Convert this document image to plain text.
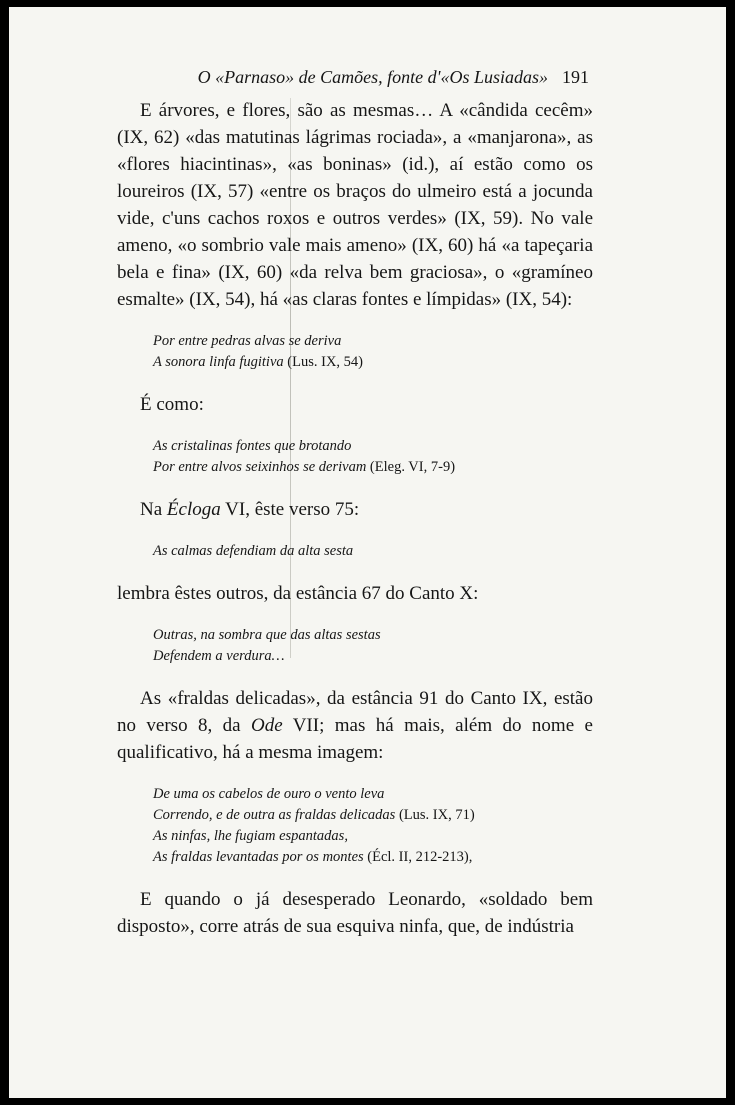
O «Parnaso» de Camões, fonte d'«Os Lusiadas» 191

E árvores, e flores, são as mesmas… A «cândida cecêm» (IX, 62) «das matutinas lágrimas rociada», a «manjarona», as «flores hiacintinas», «as boninas» (id.), aí estão como os loureiros (IX, 57) «entre os braços do ulmeiro está a jocunda vide, c'uns cachos roxos e outros verdes» (IX, 59). No vale ameno, «o sombrio vale mais ameno» (IX, 60) há «a tapeçaria bela e fina» (IX, 60) «da relva bem graciosa», o «gramíneo esmalte» (IX, 54), há «as claras fontes e límpidas» (IX, 54):

Por entre pedras alvas se deriva
A sonora linfa fugitiva (Lus. IX, 54)

É como:

As cristalinas fontes que brotando
Por entre alvos seixinhos se derivam (Eleg. VI, 7-9)

Na Écloga VI, êste verso 75:

As calmas defendiam da alta sesta

lembra êstes outros, da estância 67 do Canto X:

Outras, na sombra que das altas sestas
Defendem a verdura…

As «fraldas delicadas», da estância 91 do Canto IX, estão no verso 8, da Ode VII; mas há mais, além do nome e qualificativo, há a mesma imagem:

De uma os cabelos de ouro o vento leva
Correndo, e de outra as fraldas delicadas (Lus. IX, 71)
As ninfas, lhe fugiam espantadas,
As fraldas levantadas por os montes (Écl. II, 212-213),

E quando o já desesperado Leonardo, «soldado bem disposto», corre atrás de sua esquiva ninfa, que, de indústria
